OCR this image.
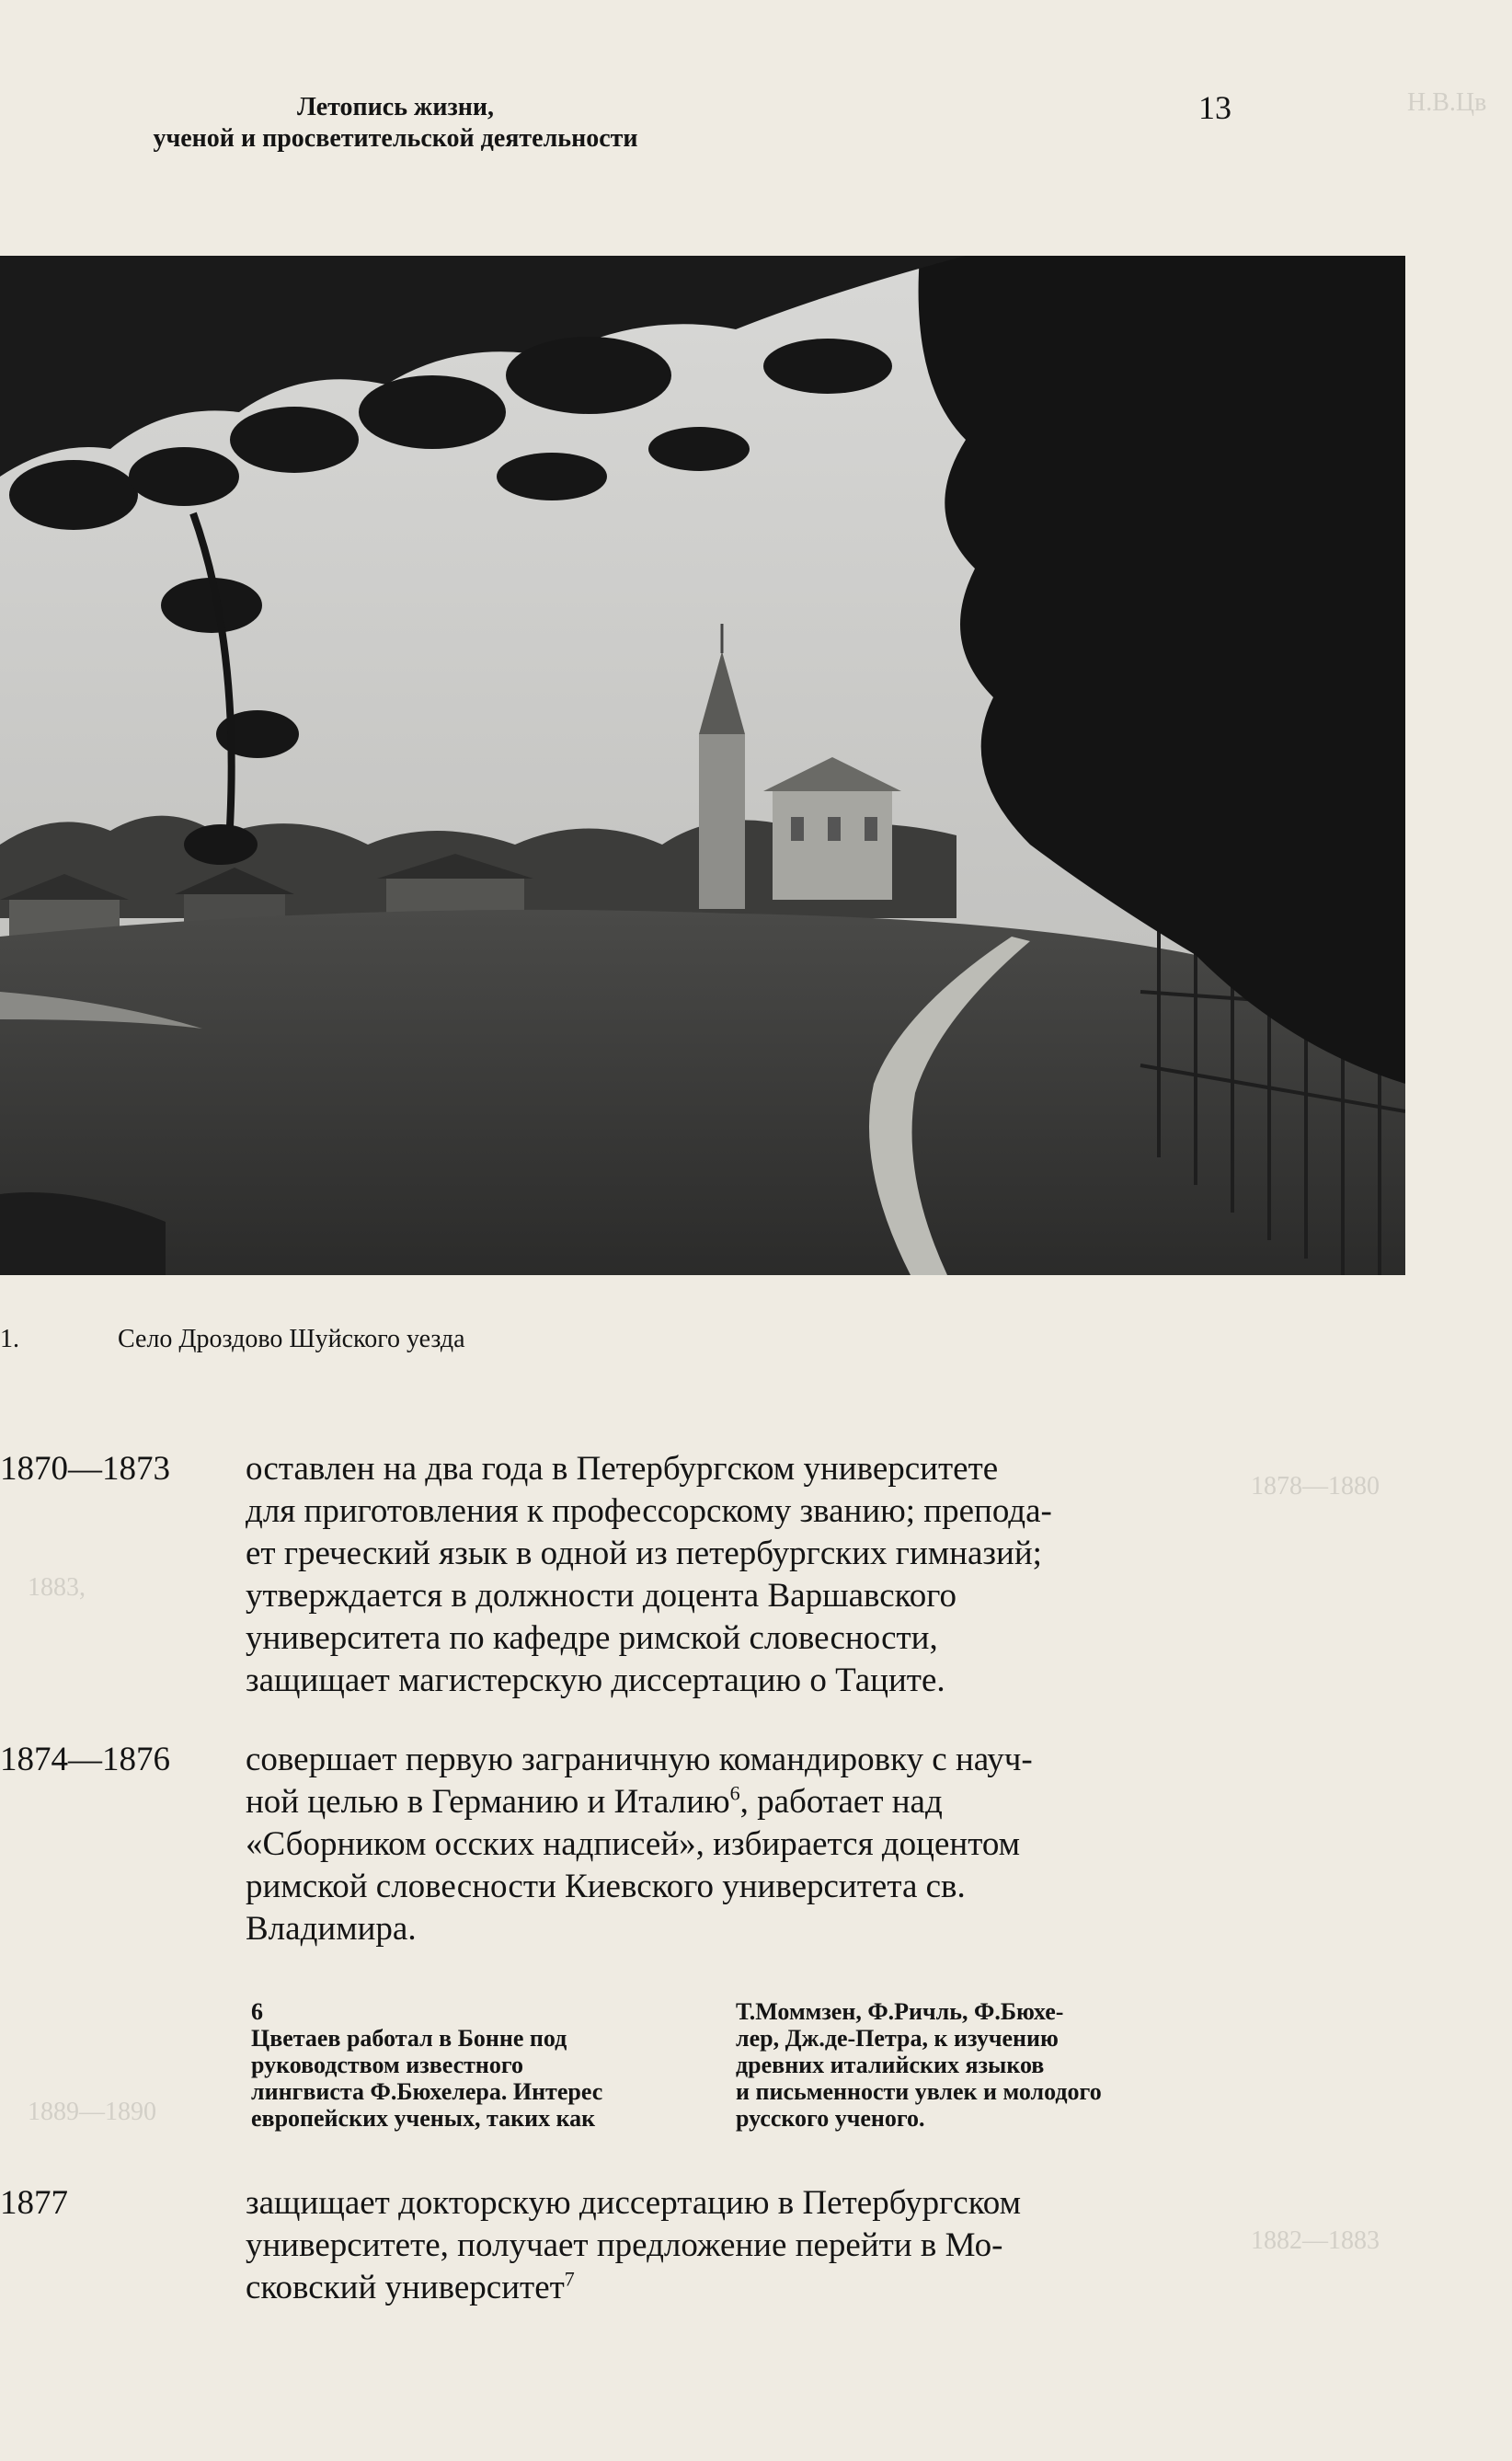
Н.В.Цв
1878—1880
1883,
1889—1890
1882—1883
Летопись жизни,
ученой и просветительской деятельности
13
1.	Село Дроздово Шуйского уезда
1870—1873 оставлен на два года в Петербургском университете
для приготовления к профессорскому званию; препода-
ет греческий язык в одной из петербургских гимназий;
утверждается в должности доцента Варшавского
университета по кафедре римской словесности,
защищает магистерскую диссертацию о Таците.
1874—1876 совершает первую заграничную командировку с науч-
ной целью в Германию и Италию$^6$, работает над
«Сборником осских надписей», избирается доцентом
римской словесности Киевского университета св.
Владимира.
6
Цветаев работал в Бонне под
руководством известного
лингвиста Ф.Бюхелера. Интерес
европейских ученых, таких как
Т.Моммзен, Ф.Ричль, Ф.Бюхе-
лер, Дж.де-Петра, к изучению
древних италийских языков
и письменности увлек и молодого
русского ученого.
1877	защищает докторскую диссертацию в Петербургском
университете, получает предложение перейти в Мо-
сковский университет$^7$
